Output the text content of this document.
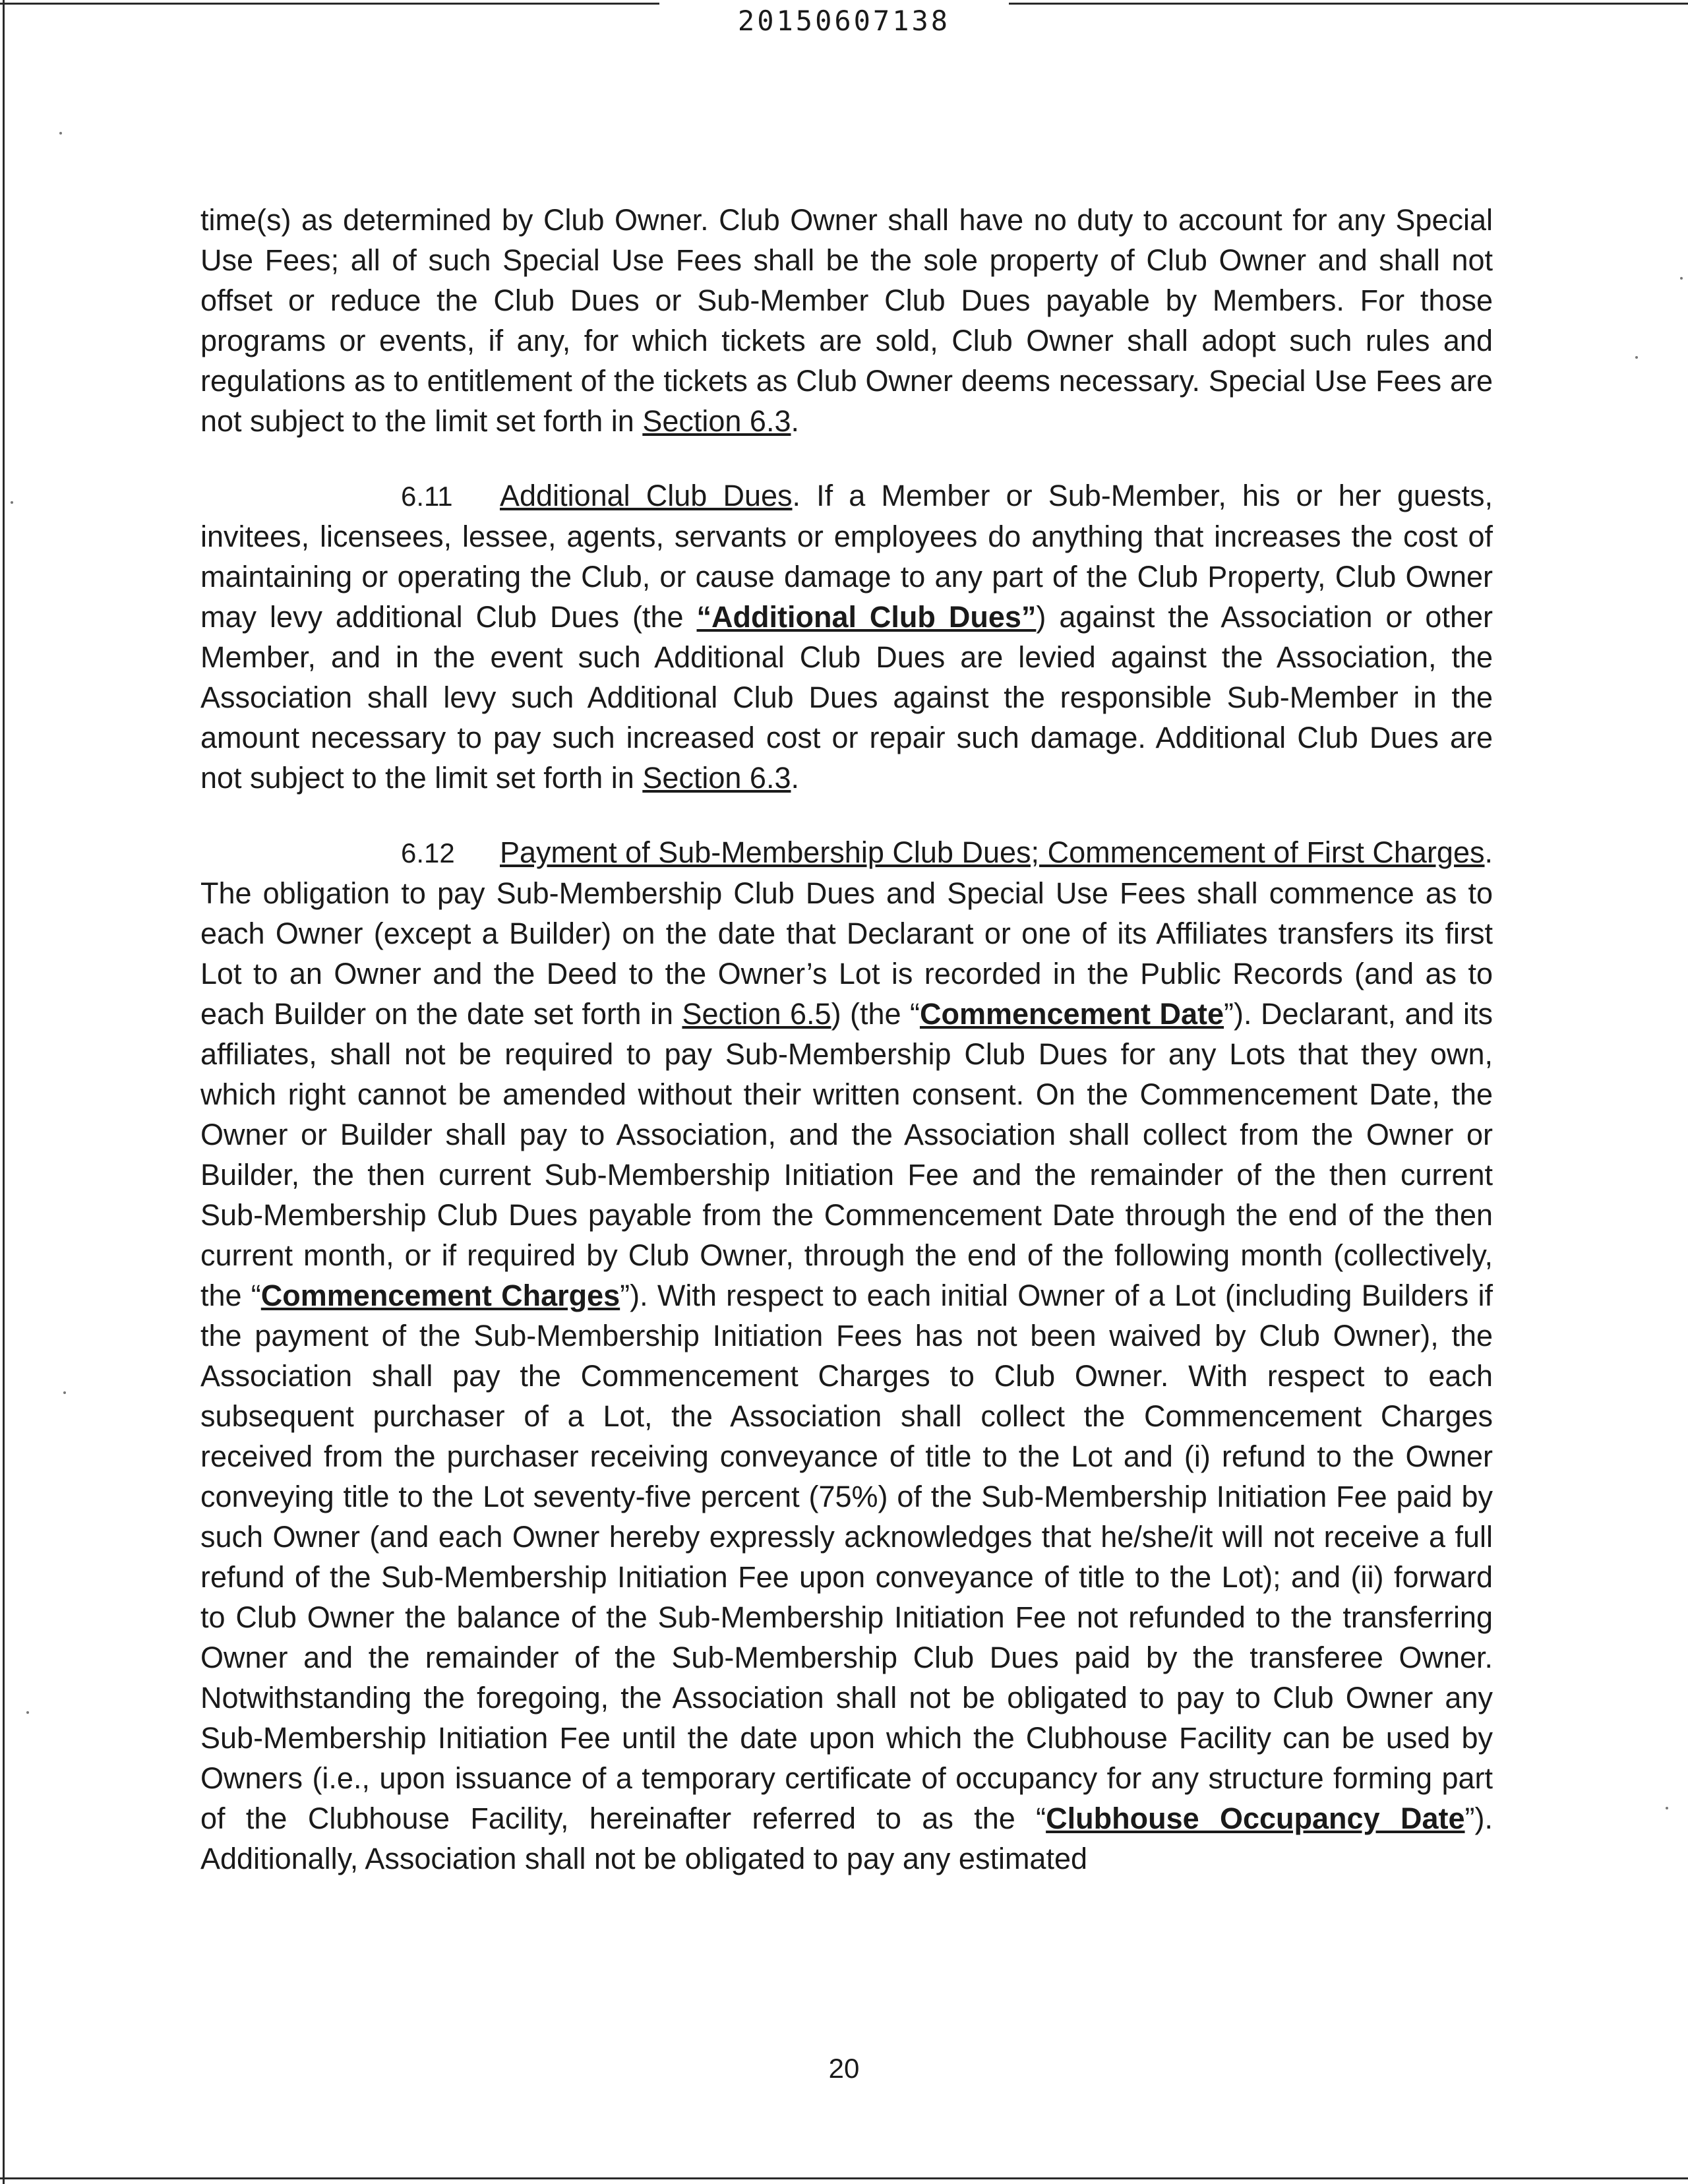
20150607138

time(s) as determined by Club Owner. Club Owner shall have no duty to account for any Special Use Fees; all of such Special Use Fees shall be the sole property of Club Owner and shall not offset or reduce the Club Dues or Sub-Member Club Dues payable by Members. For those programs or events, if any, for which tickets are sold, Club Owner shall adopt such rules and regulations as to entitlement of the tickets as Club Owner deems necessary. Special Use Fees are not subject to the limit set forth in Section 6.3.

6.11 Additional Club Dues. If a Member or Sub-Member, his or her guests, invitees, licensees, lessee, agents, servants or employees do anything that increases the cost of maintaining or operating the Club, or cause damage to any part of the Club Property, Club Owner may levy additional Club Dues (the “Additional Club Dues”) against the Association or other Member, and in the event such Additional Club Dues are levied against the Association, the Association shall levy such Additional Club Dues against the responsible Sub-Member in the amount necessary to pay such increased cost or repair such damage. Additional Club Dues are not subject to the limit set forth in Section 6.3.

6.12 Payment of Sub-Membership Club Dues; Commencement of First Charges. The obligation to pay Sub-Membership Club Dues and Special Use Fees shall commence as to each Owner (except a Builder) on the date that Declarant or one of its Affiliates transfers its first Lot to an Owner and the Deed to the Owner’s Lot is recorded in the Public Records (and as to each Builder on the date set forth in Section 6.5) (the “Commencement Date”). Declarant, and its affiliates, shall not be required to pay Sub-Membership Club Dues for any Lots that they own, which right cannot be amended without their written consent. On the Commencement Date, the Owner or Builder shall pay to Association, and the Association shall collect from the Owner or Builder, the then current Sub-Membership Initiation Fee and the remainder of the then current Sub-Membership Club Dues payable from the Commencement Date through the end of the then current month, or if required by Club Owner, through the end of the following month (collectively, the “Commencement Charges”). With respect to each initial Owner of a Lot (including Builders if the payment of the Sub-Membership Initiation Fees has not been waived by Club Owner), the Association shall pay the Commencement Charges to Club Owner. With respect to each subsequent purchaser of a Lot, the Association shall collect the Commencement Charges received from the purchaser receiving conveyance of title to the Lot and (i) refund to the Owner conveying title to the Lot seventy-five percent (75%) of the Sub-Membership Initiation Fee paid by such Owner (and each Owner hereby expressly acknowledges that he/she/it will not receive a full refund of the Sub-Membership Initiation Fee upon conveyance of title to the Lot); and (ii) forward to Club Owner the balance of the Sub-Membership Initiation Fee not refunded to the transferring Owner and the remainder of the Sub-Membership Club Dues paid by the transferee Owner. Notwithstanding the foregoing, the Association shall not be obligated to pay to Club Owner any Sub-Membership Initiation Fee until the date upon which the Clubhouse Facility can be used by Owners (i.e., upon issuance of a temporary certificate of occupancy for any structure forming part of the Clubhouse Facility, hereinafter referred to as the “Clubhouse Occupancy Date”). Additionally, Association shall not be obligated to pay any estimated

20
